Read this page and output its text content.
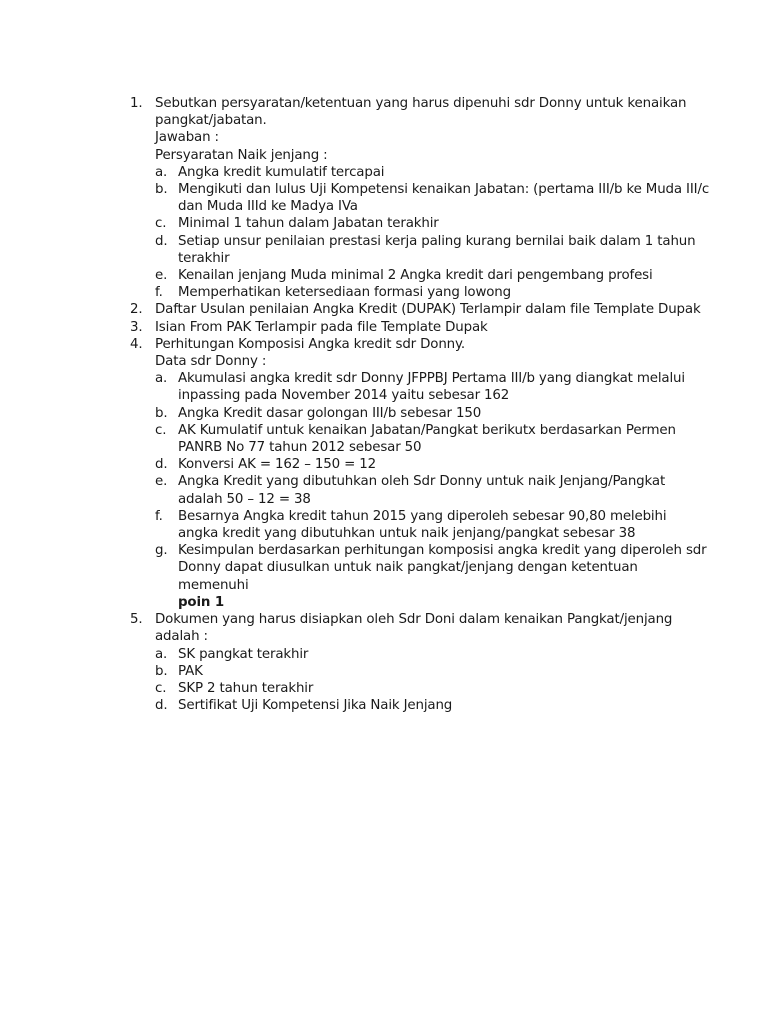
1. Sebutkan persyaratan/ketentuan yang harus dipenuhi sdr Donny untuk kenaikan pangkat/jabatan.
Jawaban :
Persyaratan Naik jenjang :
a. Angka kredit kumulatif tercapai
b. Mengikuti dan lulus Uji Kompetensi kenaikan Jabatan: (pertama III/b ke Muda III/c dan Muda IIId ke Madya IVa
c. Minimal 1 tahun dalam Jabatan terakhir
d. Setiap unsur penilaian prestasi kerja paling kurang bernilai baik dalam 1 tahun terakhir
e. Kenailan jenjang Muda minimal 2 Angka kredit dari pengembang profesi
f. Memperhatikan ketersediaan formasi yang lowong
2. Daftar Usulan penilaian Angka Kredit (DUPAK) Terlampir dalam file Template Dupak
3. Isian From PAK Terlampir pada file Template Dupak
4. Perhitungan Komposisi Angka kredit sdr Donny.
Data sdr Donny :
a. Akumulasi angka kredit sdr Donny JFPPBJ Pertama III/b yang diangkat melalui inpassing pada November 2014 yaitu sebesar 162
b. Angka Kredit dasar golongan III/b sebesar 150
c. AK Kumulatif untuk kenaikan Jabatan/Pangkat berikutx berdasarkan Permen PANRB No 77 tahun 2012 sebesar 50
d. Konversi AK = 162 – 150 = 12
e. Angka Kredit yang dibutuhkan oleh Sdr Donny untuk naik Jenjang/Pangkat adalah 50 – 12 = 38
f. Besarnya Angka kredit tahun 2015 yang diperoleh sebesar 90,80 melebihi angka kredit yang dibutuhkan untuk naik jenjang/pangkat sebesar 38
g. Kesimpulan berdasarkan perhitungan komposisi angka kredit yang diperoleh sdr Donny dapat diusulkan untuk naik pangkat/jenjang dengan ketentuan memenuhi
poin 1
5. Dokumen yang harus disiapkan oleh Sdr Doni dalam kenaikan Pangkat/jenjang adalah :
a. SK pangkat terakhir
b. PAK
c. SKP 2 tahun terakhir
d. Sertifikat Uji Kompetensi Jika Naik Jenjang
